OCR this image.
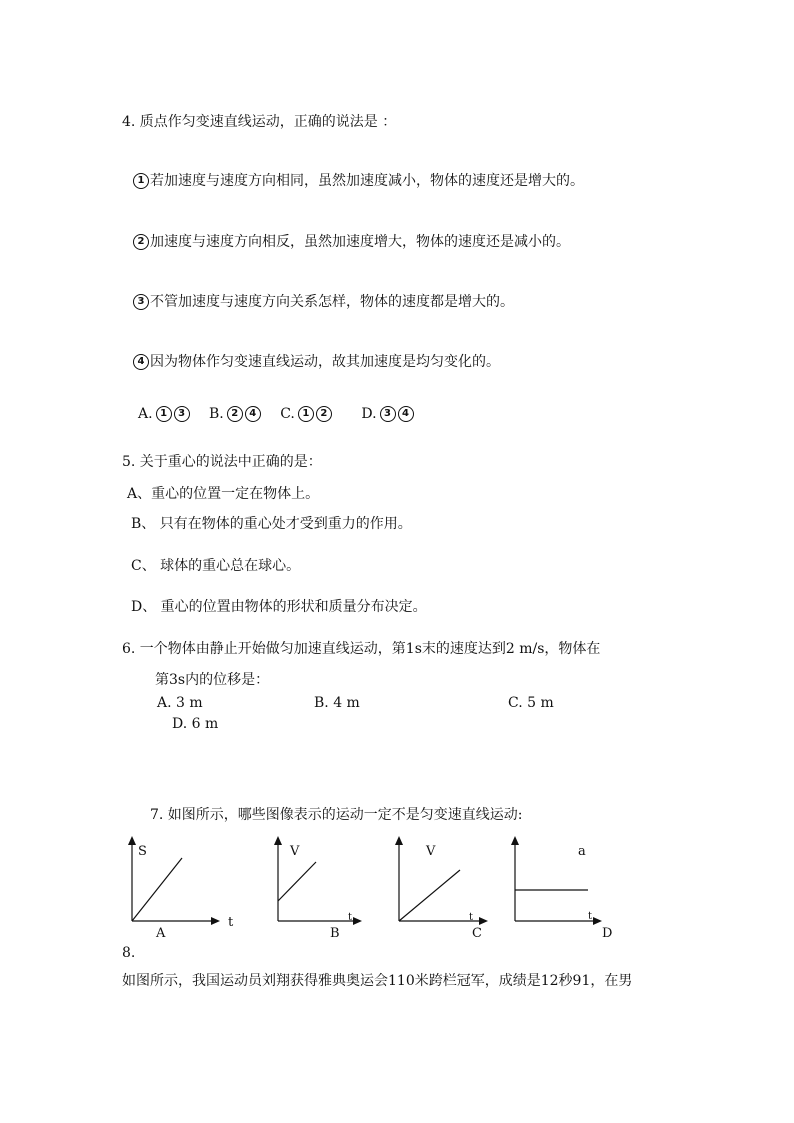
4. 质点作匀变速直线运动，正确的说法是 ：
1 若加速度与速度方向相同，虽然加速度减小，物体的速度还是增大的。
2 加速度与速度方向相反，虽然加速度增大，物体的速度还是减小的。
3 不管加速度与速度方向关系怎样，物体的速度都是增大的。
4 因为物体作匀变速直线运动，故其加速度是均匀变化的。
A. 1 3 B. 2 4 C. 1 2 D. 3 4
5. 关于重心的说法中正确的是：
A、重心的位置一定在物体上。
B、 只有在物体的重心处才受到重力的作用。
C、 球体的重心总在球心。
D、 重心的位置由物体的形状和质量分布决定。
6. 一个物体由静止开始做匀加速直线运动，第1s末的速度达到2 m/s，物体在
第3s内的位移是：
A. 3 m	B. 4 m	C. 5 m
D. 6 m
7. 如图所示，哪些图像表示的运动一定不是匀变速直线运动:
S
t
A
V
t
B
V
t
C
a
t
D
8.
如图所示，我国运动员刘翔获得雅典奥运会110米跨栏冠军，成绩是12秒91，在男
